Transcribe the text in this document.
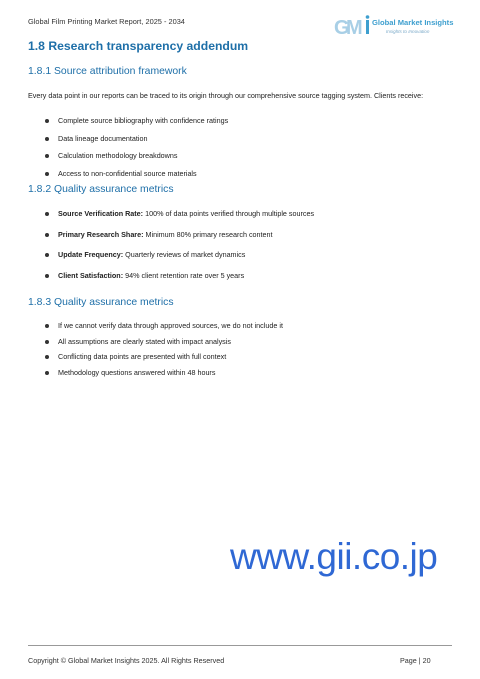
Global Film Printing Market Report, 2025 - 2034	G
M Global Market Insights
Insights to Innovation
1.8 Research transparency addendum
1.8.1 Source attribution framework
Every data point in our reports can be traced to its origin through our comprehensive source tagging system. Clients receive:
Complete source bibliography with confidence ratings
Data lineage documentation
Calculation methodology breakdowns
Access to non-confidential source materials
1.8.2 Quality assurance metrics
Source Verification Rate: 100% of data points verified through multiple sources
Primary Research Share: Minimum 80% primary research content
Update Frequency: Quarterly reviews of market dynamics
Client Satisfaction: 94% client retention rate over 5 years
1.8.3 Quality assurance metrics
If we cannot verify data through approved sources, we do not include it
All assumptions are clearly stated with impact analysis
Conflicting data points are presented with full context
Methodology questions answered within 48 hours
www.gii.co.jp
Copyright © Global Market Insights 2025. All Rights Reserved	Page | 20
